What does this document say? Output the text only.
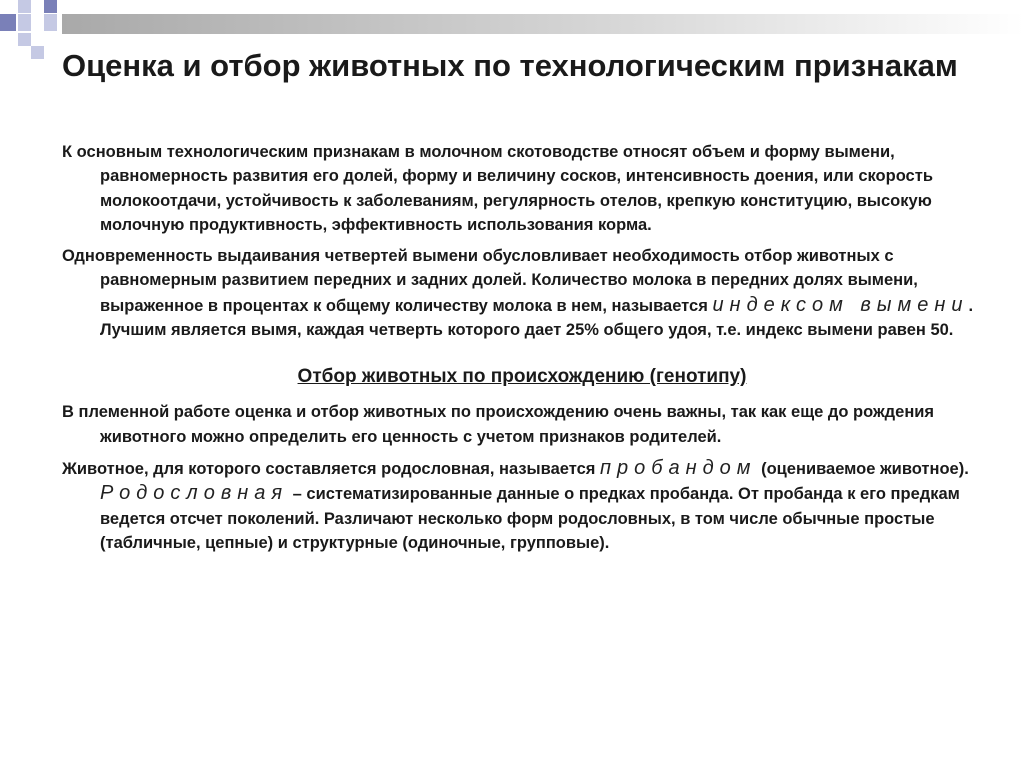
Оценка и отбор животных по технологическим признакам

К основным технологическим признакам в молочном скотоводстве относят объем и форму вымени, равномерность развития его долей, форму и величину сосков, интенсивность доения, или скорость молокоотдачи, устойчивость к заболеваниям, регулярность отелов, крепкую конституцию, высокую молочную продуктивность, эффективность использования корма.

Одновременность выдаивания четвертей вымени обусловливает необходимость отбор животных с равномерным развитием передних и задних долей. Количество молока в передних долях вымени, выраженное в процентах к общему количеству молока в нем, называется индексом вымени. Лучшим является вымя, каждая четверть которого дает 25% общего удоя, т.е. индекс вымени равен 50.

Отбор животных по происхождению (генотипу)

В племенной работе оценка и отбор животных по происхождению очень важны, так как еще до рождения животного можно определить его ценность с учетом признаков родителей.

Животное, для которого составляется родословная, называется пробандом (оцениваемое животное). Родословная – систематизированные данные о предках пробанда. От пробанда к его предкам ведется отсчет поколений. Различают несколько форм родословных, в том числе обычные простые (табличные, цепные) и структурные (одиночные, групповые).
